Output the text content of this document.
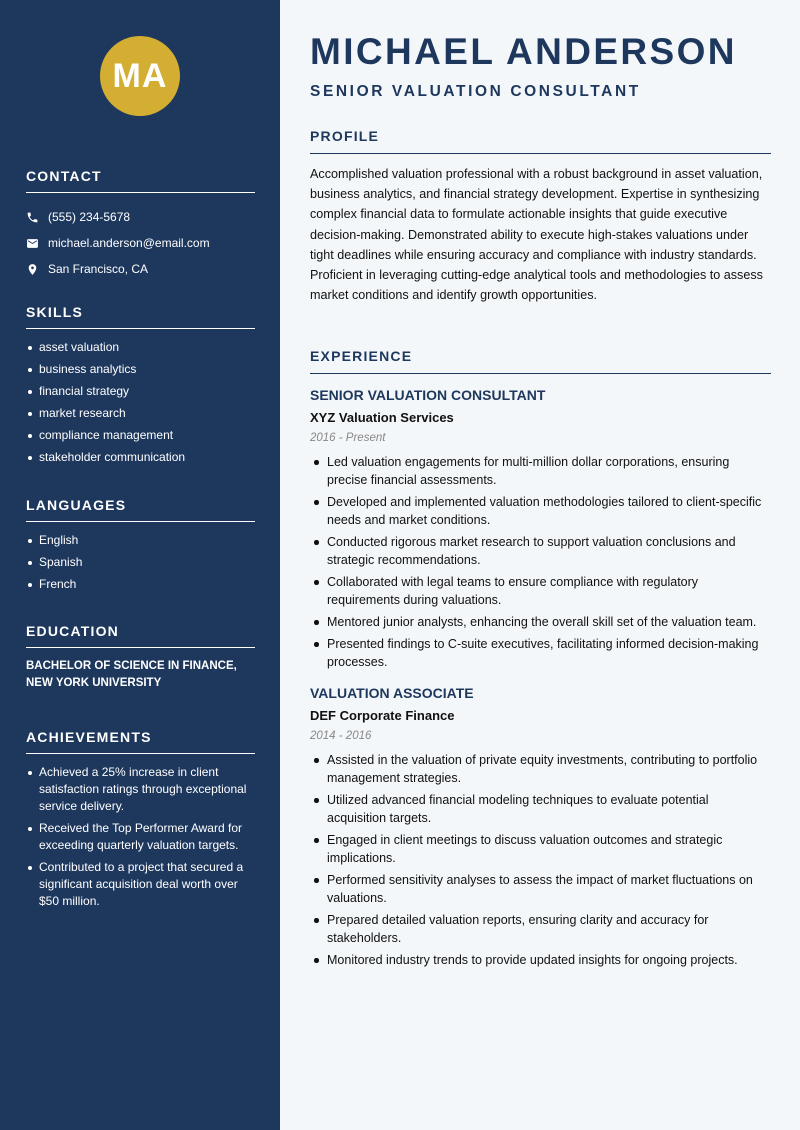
MA
CONTACT
(555) 234-5678
michael.anderson@email.com
San Francisco, CA
SKILLS
asset valuation
business analytics
financial strategy
market research
compliance management
stakeholder communication
LANGUAGES
English
Spanish
French
EDUCATION

BACHELOR OF SCIENCE IN FINANCE, NEW YORK UNIVERSITY

ACHIEVEMENTS
Achieved a 25% increase in client satisfaction ratings through exceptional service delivery.
Received the Top Performer Award for exceeding quarterly valuation targets.
Contributed to a project that secured a significant acquisition deal worth over $50 million.
MICHAEL ANDERSON
SENIOR VALUATION CONSULTANT
PROFILE

Accomplished valuation professional with a robust background in asset valuation, business analytics, and financial strategy development. Expertise in synthesizing complex financial data to formulate actionable insights that guide executive decision-making. Demonstrated ability to execute high-stakes valuations under tight deadlines while ensuring accuracy and compliance with industry standards. Proficient in leveraging cutting-edge analytical tools and methodologies to assess market conditions and identify growth opportunities.

EXPERIENCE
SENIOR VALUATION CONSULTANT
XYZ Valuation Services
2016 - Present
Led valuation engagements for multi-million dollar corporations, ensuring precise financial assessments.
Developed and implemented valuation methodologies tailored to client-specific needs and market conditions.
Conducted rigorous market research to support valuation conclusions and strategic recommendations.
Collaborated with legal teams to ensure compliance with regulatory requirements during valuations.
Mentored junior analysts, enhancing the overall skill set of the valuation team.
Presented findings to C-suite executives, facilitating informed decision-making processes.
VALUATION ASSOCIATE
DEF Corporate Finance
2014 - 2016
Assisted in the valuation of private equity investments, contributing to portfolio management strategies.
Utilized advanced financial modeling techniques to evaluate potential acquisition targets.
Engaged in client meetings to discuss valuation outcomes and strategic implications.
Performed sensitivity analyses to assess the impact of market fluctuations on valuations.
Prepared detailed valuation reports, ensuring clarity and accuracy for stakeholders.
Monitored industry trends to provide updated insights for ongoing projects.
